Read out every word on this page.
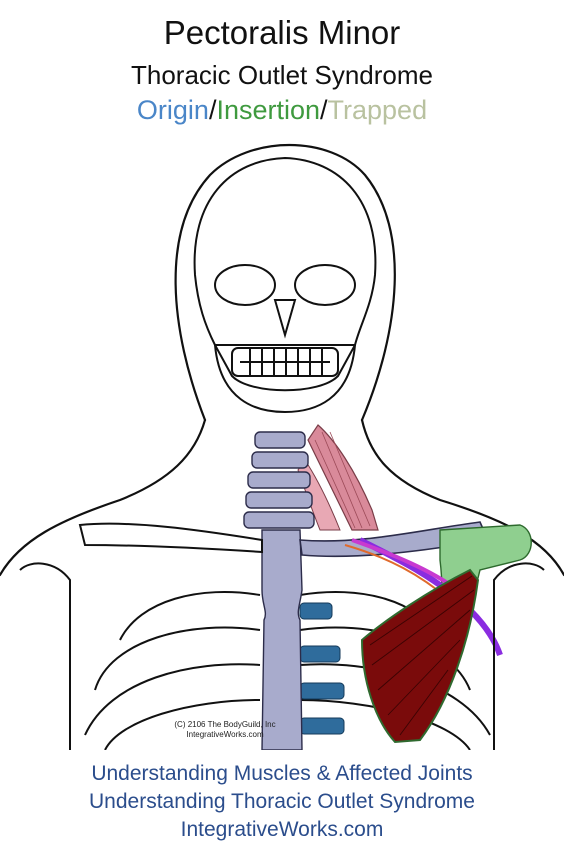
Pectoralis Minor
Thoracic Outlet Syndrome
Origin/Insertion/Trapped
(C) 2106 The BodyGuild, Inc
IntegrativeWorks.com
Understanding Muscles & Affected Joints
Understanding Thoracic Outlet Syndrome
IntegrativeWorks.com
